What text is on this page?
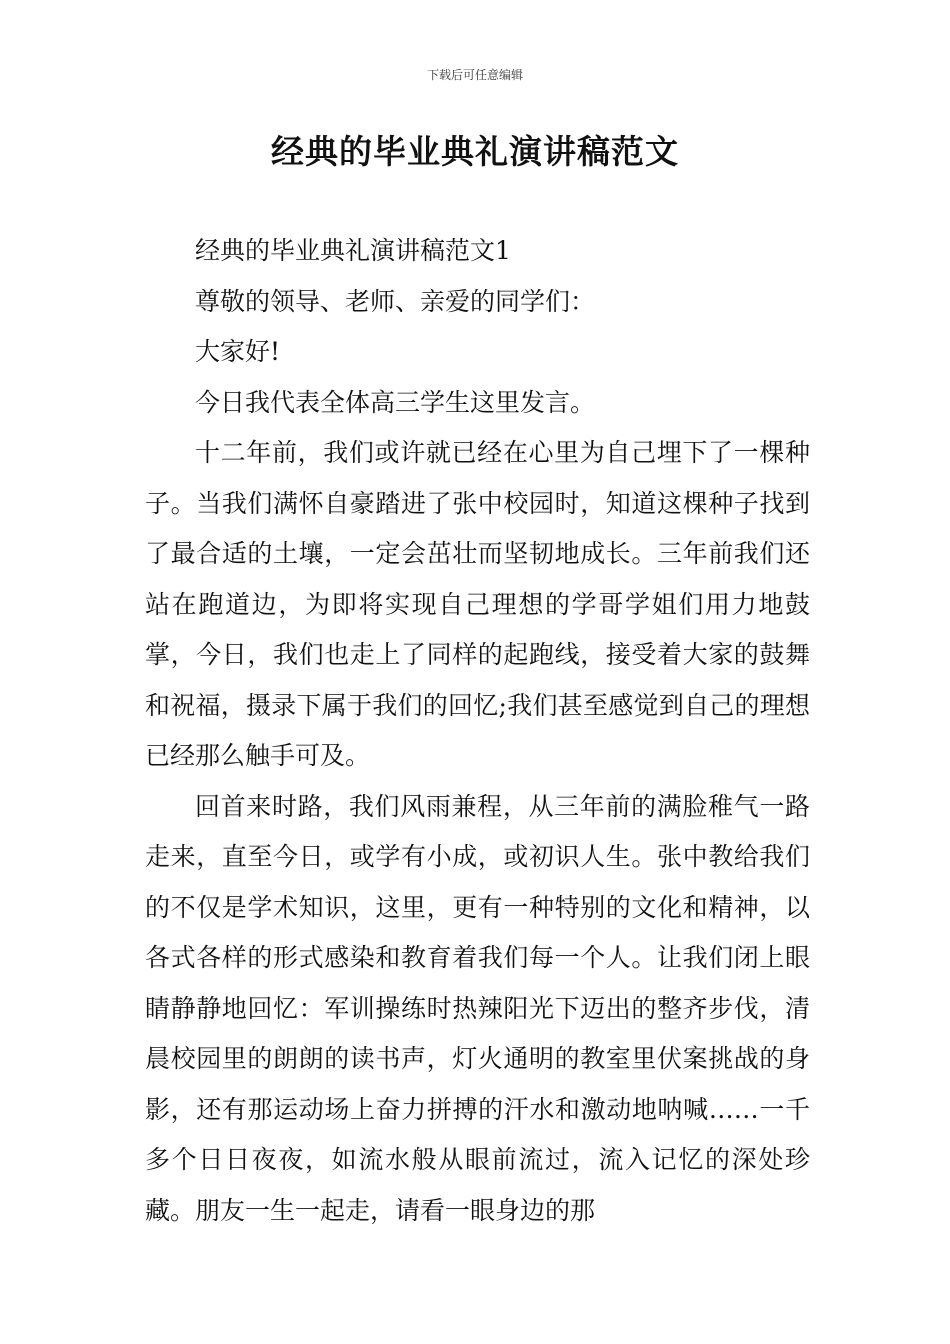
下载后可任意编辑
经典的毕业典礼演讲稿范文

经典的毕业典礼演讲稿范文1

尊敬的领导、老师、亲爱的同学们：

大家好!

今日我代表全体高三学生这里发言。

十二年前，我们或许就已经在心里为自己埋下了一棵种子。当我们满怀自豪踏进了张中校园时，知道这棵种子找到了最合适的土壤，一定会茁壮而坚韧地成长。三年前我们还站在跑道边，为即将实现自己理想的学哥学姐们用力地鼓掌，今日，我们也走上了同样的起跑线，接受着大家的鼓舞和祝福，摄录下属于我们的回忆;我们甚至感觉到自己的理想已经那么触手可及。

回首来时路，我们风雨兼程，从三年前的满脸稚气一路走来，直至今日，或学有小成，或初识人生。张中教给我们的不仅是学术知识，这里，更有一种特别的文化和精神，以各式各样的形式感染和教育着我们每一个人。让我们闭上眼睛静静地回忆：军训操练时热辣阳光下迈出的整齐步伐，清晨校园里的朗朗的读书声，灯火通明的教室里伏案挑战的身影，还有那运动场上奋力拼搏的汗水和激动地呐喊……一千多个日日夜夜，如流水般从眼前流过，流入记忆的深处珍藏。朋友一生一起走，请看一眼身边的那
